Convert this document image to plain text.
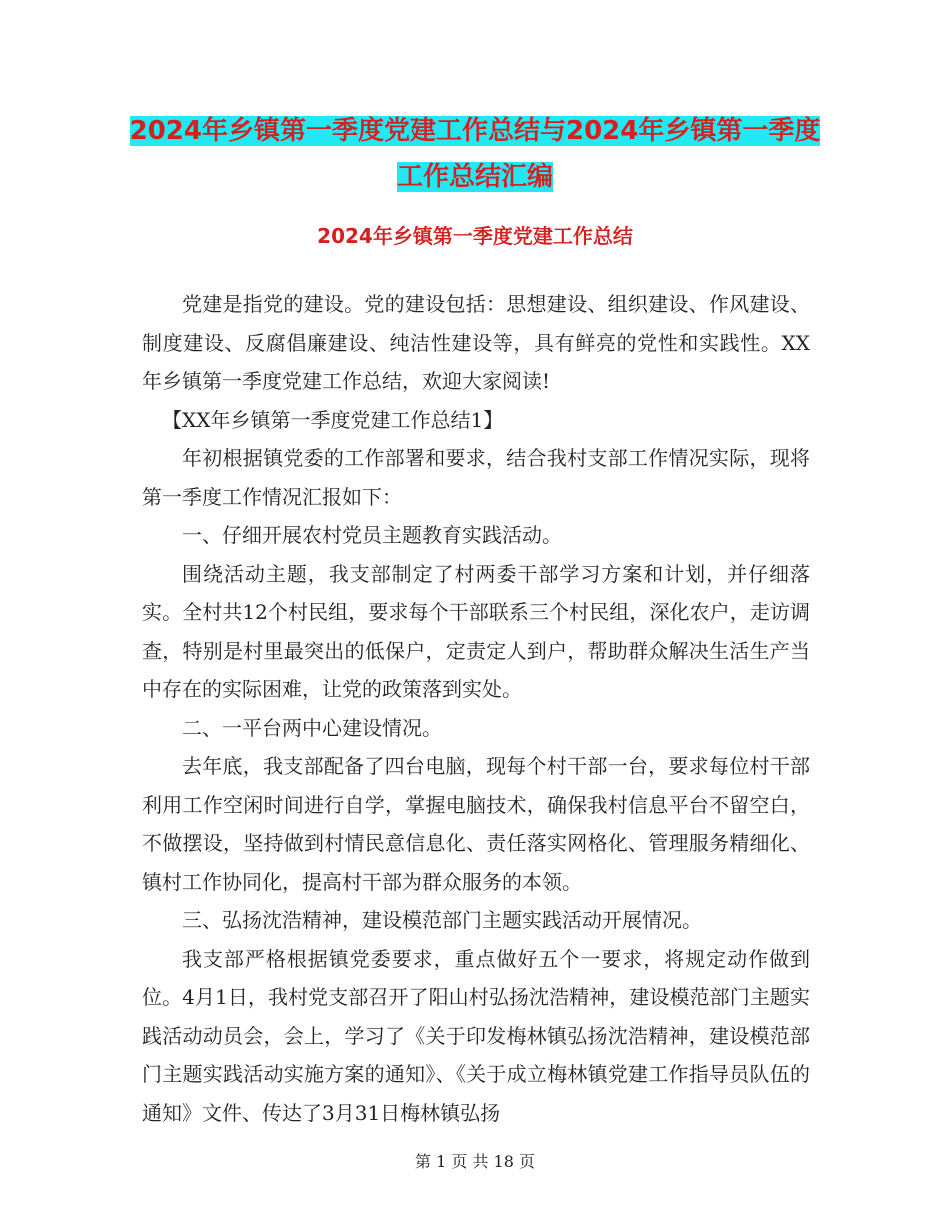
2024年乡镇第一季度党建工作总结与2024年乡镇第一季度工作总结汇编
2024年乡镇第一季度党建工作总结

党建是指党的建设。党的建设包括：思想建设、组织建设、作风建设、制度建设、反腐倡廉建设、纯洁性建设等，具有鲜亮的党性和实践性。XX年乡镇第一季度党建工作总结，欢迎大家阅读!

【XX年乡镇第一季度党建工作总结1】

年初根据镇党委的工作部署和要求，结合我村支部工作情况实际，现将第一季度工作情况汇报如下：

一、仔细开展农村党员主题教育实践活动。

围绕活动主题，我支部制定了村两委干部学习方案和计划，并仔细落实。全村共12个村民组，要求每个干部联系三个村民组，深化农户，走访调查，特别是村里最突出的低保户，定责定人到户，帮助群众解决生活生产当中存在的实际困难，让党的政策落到实处。

二、一平台两中心建设情况。

去年底，我支部配备了四台电脑，现每个村干部一台，要求每位村干部利用工作空闲时间进行自学，掌握电脑技术，确保我村信息平台不留空白，不做摆设，坚持做到村情民意信息化、责任落实网格化、管理服务精细化、镇村工作协同化，提高村干部为群众服务的本领。

三、弘扬沈浩精神，建设模范部门主题实践活动开展情况。

我支部严格根据镇党委要求，重点做好五个一要求，将规定动作做到位。4月1日，我村党支部召开了阳山村弘扬沈浩精神，建设模范部门主题实践活动动员会，会上，学习了《关于印发梅林镇弘扬沈浩精神，建设模范部门主题实践活动实施方案的通知》、《关于成立梅林镇党建工作指导员队伍的通知》文件、传达了3月31日梅林镇弘扬

第 1 页 共 18 页
